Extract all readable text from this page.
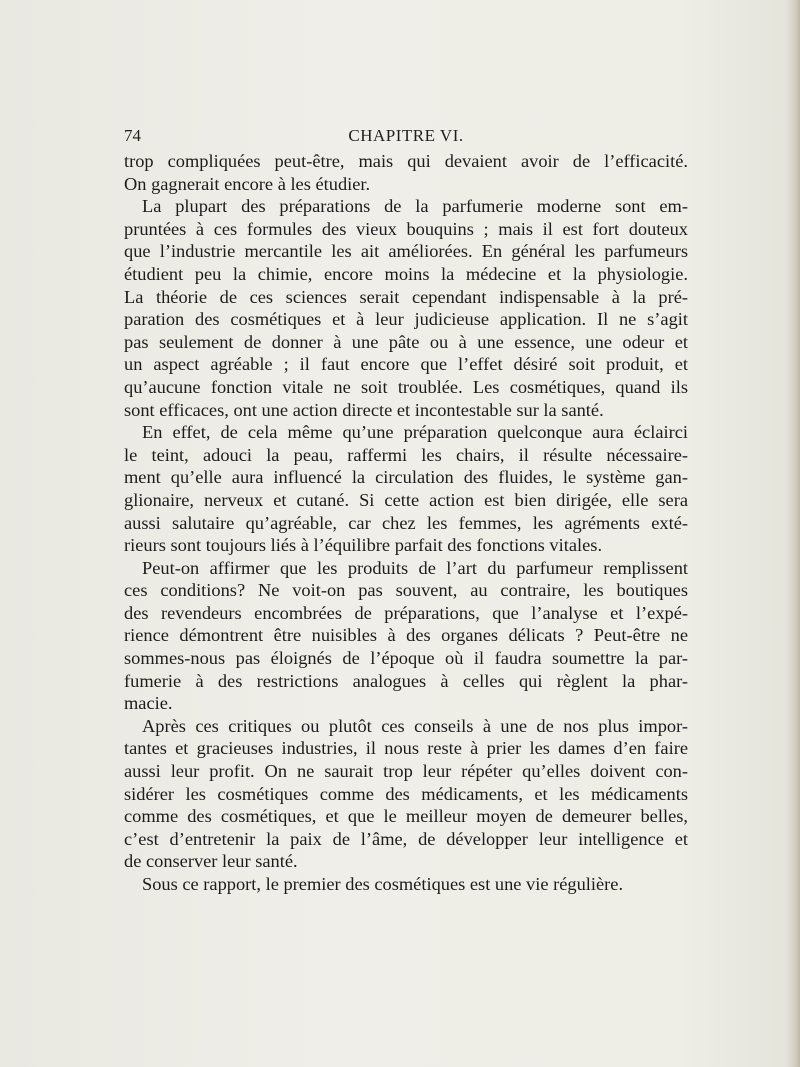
74	CHAPITRE VI.
trop compliquées peut-être, mais qui devaient avoir de l’efficacité.
On gagnerait encore à les étudier.
La plupart des préparations de la parfumerie moderne sont em-
pruntées à ces formules des vieux bouquins ; mais il est fort douteux
que l’industrie mercantile les ait améliorées. En général les parfumeurs
étudient peu la chimie, encore moins la médecine et la physiologie.
La théorie de ces sciences serait cependant indispensable à la pré-
paration des cosmétiques et à leur judicieuse application. Il ne s’agit
pas seulement de donner à une pâte ou à une essence, une odeur et
un aspect agréable ; il faut encore que l’effet désiré soit produit, et
qu’aucune fonction vitale ne soit troublée. Les cosmétiques, quand ils
sont efficaces, ont une action directe et incontestable sur la santé.
En effet, de cela même qu’une préparation quelconque aura éclairci
le teint, adouci la peau, raffermi les chairs, il résulte nécessaire-
ment qu’elle aura influencé la circulation des fluides, le système gan-
glionaire, nerveux et cutané. Si cette action est bien dirigée, elle sera
aussi salutaire qu’agréable, car chez les femmes, les agréments exté-
rieurs sont toujours liés à l’équilibre parfait des fonctions vitales.
Peut-on affirmer que les produits de l’art du parfumeur remplissent
ces conditions? Ne voit-on pas souvent, au contraire, les boutiques
des revendeurs encombrées de préparations, que l’analyse et l’expé-
rience démontrent être nuisibles à des organes délicats ? Peut-être ne
sommes-nous pas éloignés de l’époque où il faudra soumettre la par-
fumerie à des restrictions analogues à celles qui règlent la phar-
macie.
Après ces critiques ou plutôt ces conseils à une de nos plus impor-
tantes et gracieuses industries, il nous reste à prier les dames d’en faire
aussi leur profit. On ne saurait trop leur répéter qu’elles doivent con-
sidérer les cosmétiques comme des médicaments, et les médicaments
comme des cosmétiques, et que le meilleur moyen de demeurer belles,
c’est d’entretenir la paix de l’âme, de développer leur intelligence et
de conserver leur santé.
Sous ce rapport, le premier des cosmétiques est une vie régulière.
